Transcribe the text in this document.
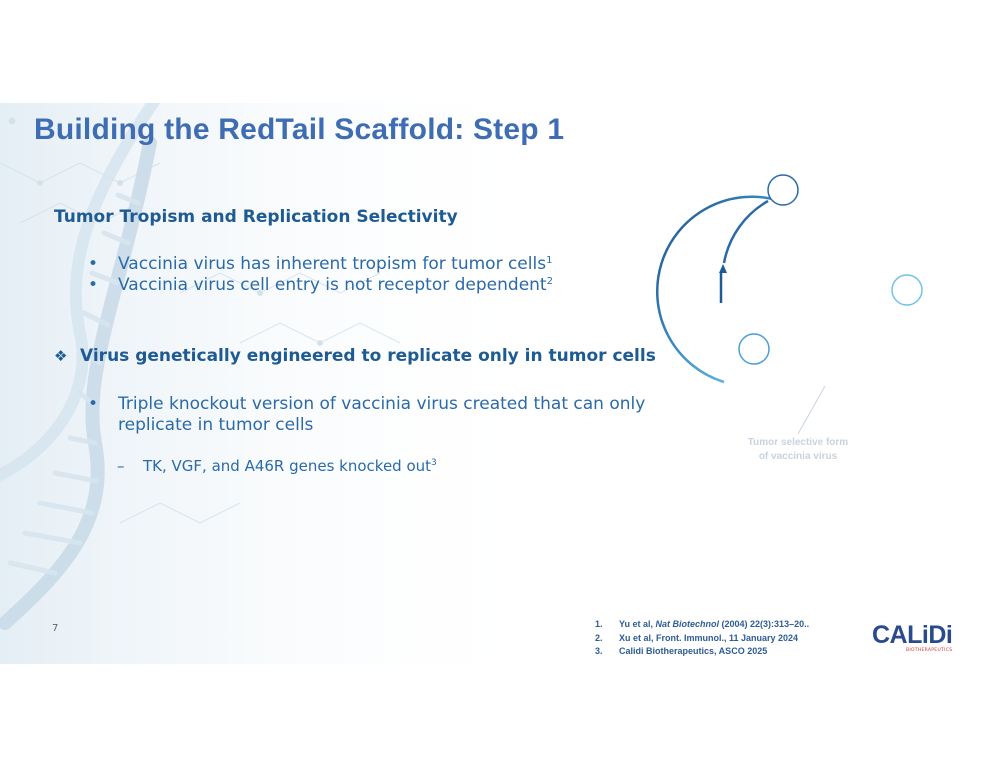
Building the RedTail Scaffold: Step 1
Tumor Tropism and Replication Selectivity
• Vaccinia virus has inherent tropism for tumor cells$^1$
• Vaccinia virus cell entry is not receptor dependent$^2$
❖ Virus genetically engineered to replicate only in tumor cells
• Triple knockout version of vaccinia virus created that can only replicate in tumor cells
– TK, VGF, and A46R genes knocked out$^3$
Tumor selective form
of vaccinia virus
7	1. Yu et al, Nat Biotechnol (2004) 22(3):313–20..
2. Xu et al, Front. Immunol., 11 January 2024
3. Calidi Biotherapeutics, ASCO 2025
CALiDi
BIOTHERAPEUTICS
